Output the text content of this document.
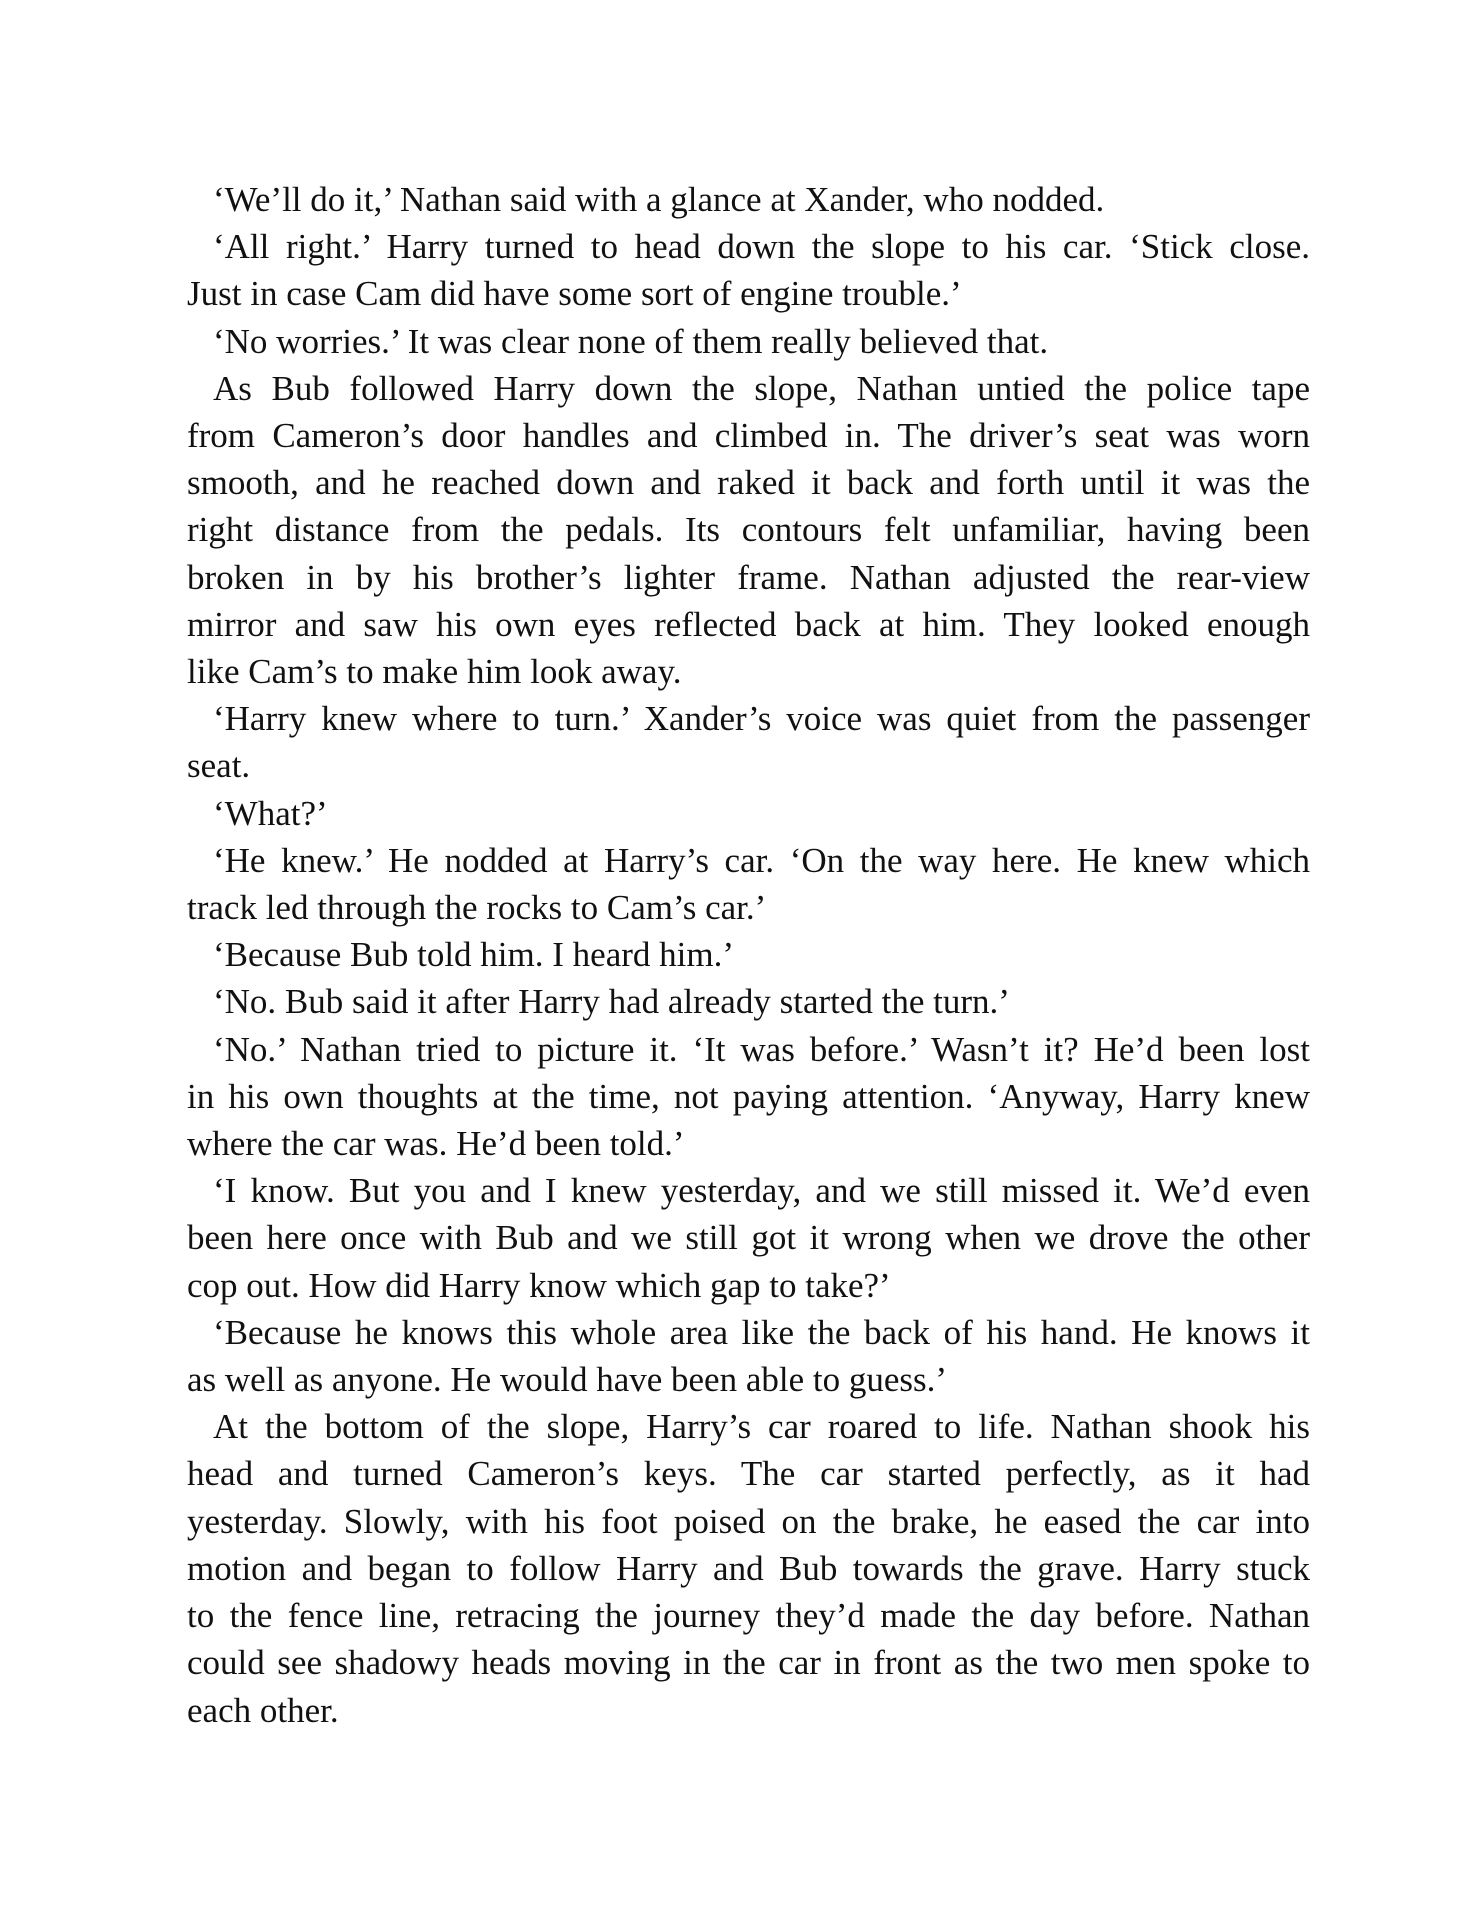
‘We’ll do it,’ Nathan said with a glance at Xander, who nodded.
‘All right.’ Harry turned to head down the slope to his car. ‘Stick close.
Just in case Cam did have some sort of engine trouble.’
‘No worries.’ It was clear none of them really believed that.
As Bub followed Harry down the slope, Nathan untied the police tape
from Cameron’s door handles and climbed in. The driver’s seat was worn
smooth, and he reached down and raked it back and forth until it was the
right distance from the pedals. Its contours felt unfamiliar, having been
broken in by his brother’s lighter frame. Nathan adjusted the rear-view
mirror and saw his own eyes reflected back at him. They looked enough
like Cam’s to make him look away.
‘Harry knew where to turn.’ Xander’s voice was quiet from the passenger
seat.
‘What?’
‘He knew.’ He nodded at Harry’s car. ‘On the way here. He knew which
track led through the rocks to Cam’s car.’
‘Because Bub told him. I heard him.’
‘No. Bub said it after Harry had already started the turn.’
‘No.’ Nathan tried to picture it. ‘It was before.’ Wasn’t it? He’d been lost
in his own thoughts at the time, not paying attention. ‘Anyway, Harry knew
where the car was. He’d been told.’
‘I know. But you and I knew yesterday, and we still missed it. We’d even
been here once with Bub and we still got it wrong when we drove the other
cop out. How did Harry know which gap to take?’
‘Because he knows this whole area like the back of his hand. He knows it
as well as anyone. He would have been able to guess.’
At the bottom of the slope, Harry’s car roared to life. Nathan shook his
head and turned Cameron’s keys. The car started perfectly, as it had
yesterday. Slowly, with his foot poised on the brake, he eased the car into
motion and began to follow Harry and Bub towards the grave. Harry stuck
to the fence line, retracing the journey they’d made the day before. Nathan
could see shadowy heads moving in the car in front as the two men spoke to
each other.
